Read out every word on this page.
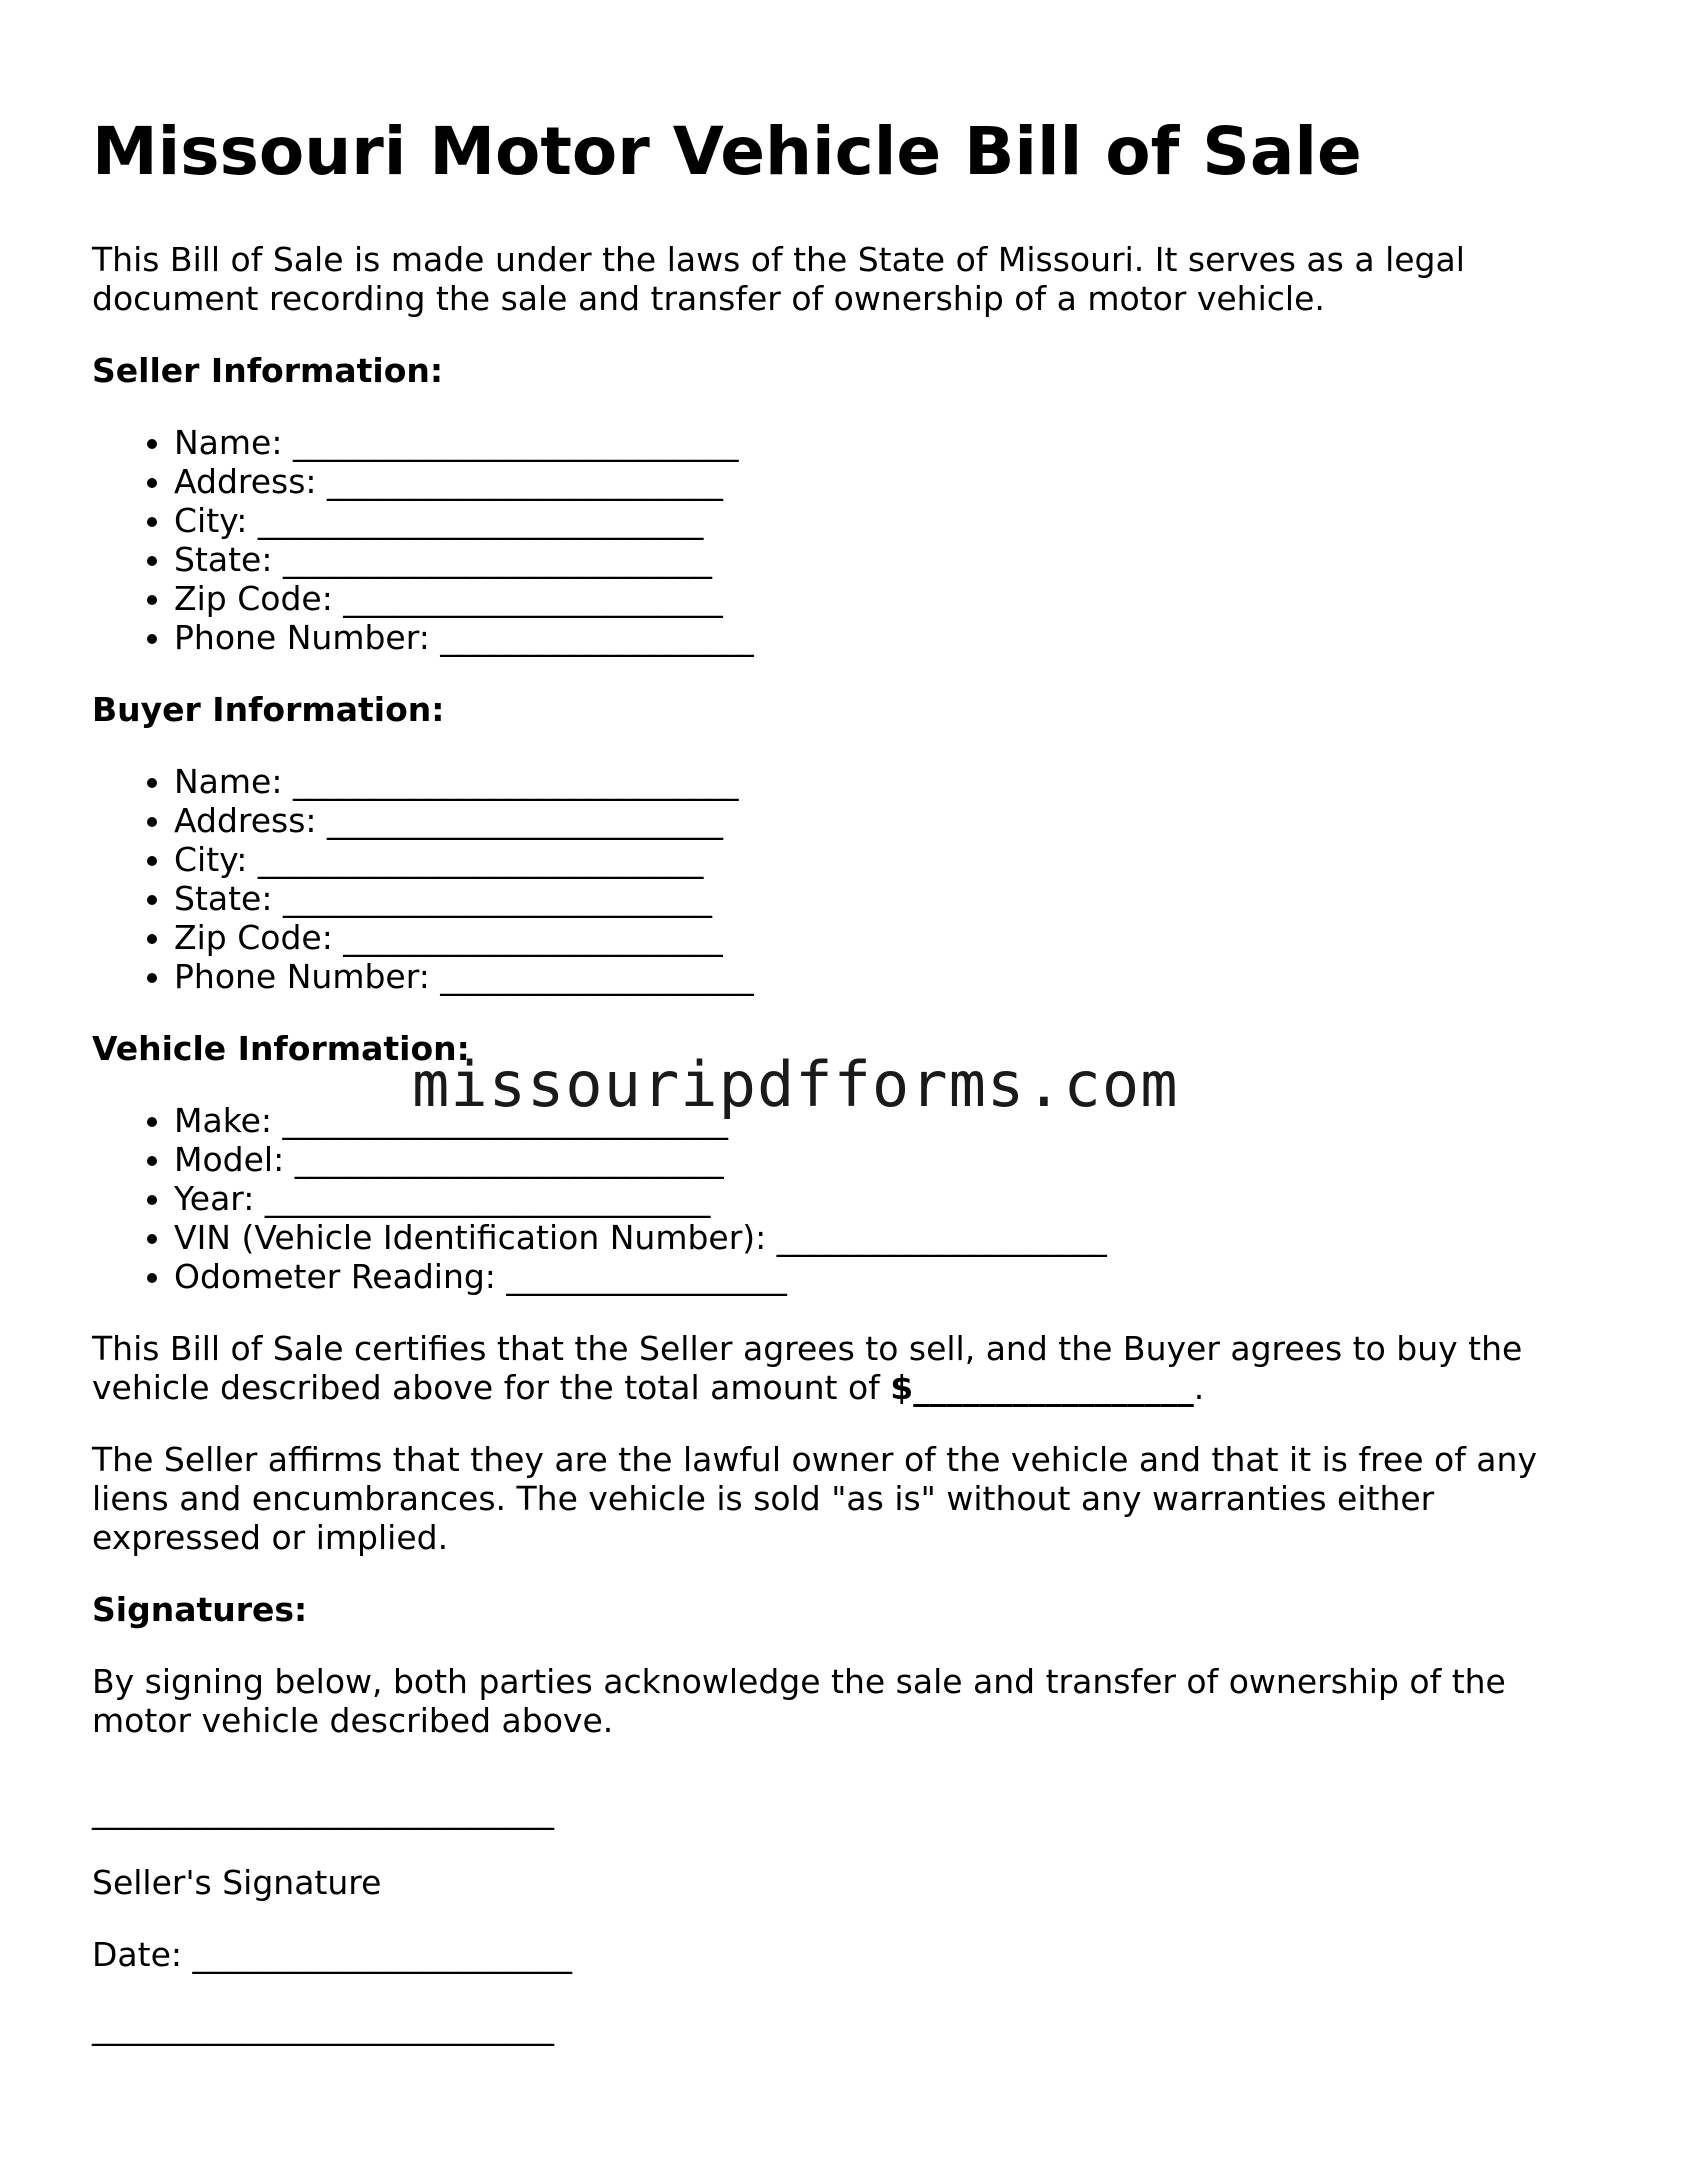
Missouri Motor Vehicle Bill of Sale

This Bill of Sale is made under the laws of the State of Missouri. It serves as a legal document recording the sale and transfer of ownership of a motor vehicle.

Seller Information:
• Name: ___________________________
• Address: ________________________
• City: ___________________________
• State: __________________________
• Zip Code: _______________________
• Phone Number: ___________________
Buyer Information:
• Name: ___________________________
• Address: ________________________
• City: ___________________________
• State: __________________________
• Zip Code: _______________________
• Phone Number: ___________________
Vehicle Information:
• Make: ___________________________
• Model: __________________________
• Year: ___________________________
• VIN (Vehicle Identification Number): ____________________
• Odometer Reading: _________________

This Bill of Sale certifies that the Seller agrees to sell, and the Buyer agrees to buy the vehicle described above for the total amount of $_________________.

The Seller affirms that they are the lawful owner of the vehicle and that it is free of any liens and encumbrances. The vehicle is sold "as is" without any warranties either expressed or implied.

Signatures:

By signing below, both parties acknowledge the sale and transfer of ownership of the motor vehicle described above.

____________________________
Seller's Signature
Date: _______________________
____________________________
missouripdfforms.com
